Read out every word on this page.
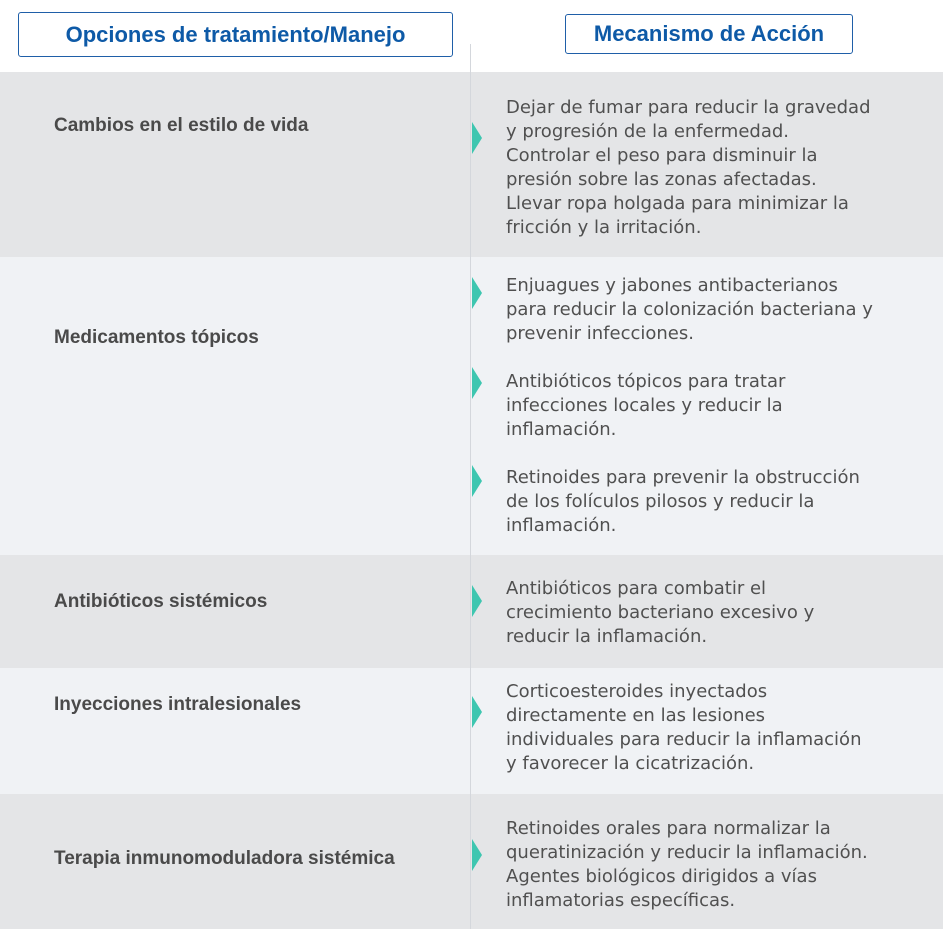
Opciones de tratamiento/Manejo	Mecanismo de Acción
Cambios en el estilo de vida
Dejar de fumar para reducir la gravedad
y progresión de la enfermedad.
Controlar el peso para disminuir la
presión sobre las zonas afectadas.
Llevar ropa holgada para minimizar la
fricción y la irritación.
Medicamentos tópicos
Enjuagues y jabones antibacterianos
para reducir la colonización bacteriana y
prevenir infecciones.
Antibióticos tópicos para tratar
infecciones locales y reducir la
inflamación.
Retinoides para prevenir la obstrucción
de los folículos pilosos y reducir la
inflamación.
Antibióticos sistémicos
Antibióticos para combatir el
crecimiento bacteriano excesivo y
reducir la inflamación.
Inyecciones intralesionales
Corticoesteroides inyectados
directamente en las lesiones
individuales para reducir la inflamación
y favorecer la cicatrización.
Terapia inmunomoduladora sistémica
Retinoides orales para normalizar la
queratinización y reducir la inflamación.
Agentes biológicos dirigidos a vías
inflamatorias específicas.
